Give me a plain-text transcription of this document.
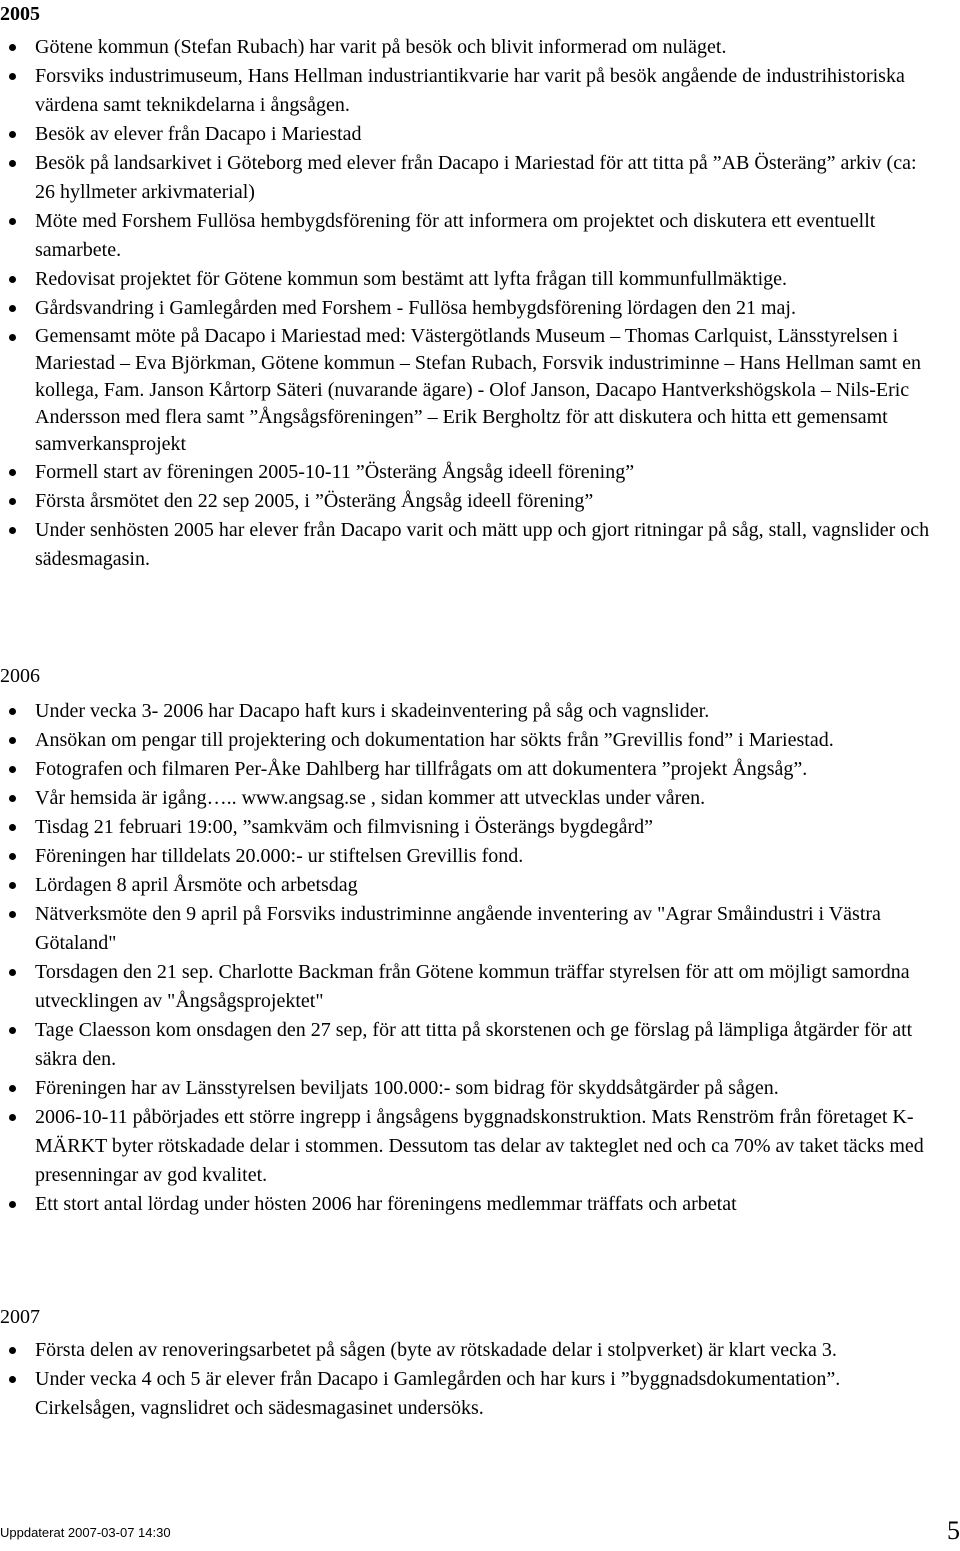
2005
Götene kommun (Stefan Rubach) har varit på besök och blivit informerad om nuläget.
Forsviks industrimuseum, Hans Hellman industriantikvarie har varit på besök angående de industrihistoriska värdena samt teknikdelarna i ångsågen.
Besök av elever från Dacapo i Mariestad
Besök på landsarkivet i Göteborg med elever från Dacapo i Mariestad för att titta på ”AB Österäng” arkiv (ca: 26 hyllmeter arkivmaterial)
Möte med Forshem Fullösa hembygdsförening för att informera om projektet och diskutera ett eventuellt samarbete.
Redovisat projektet för Götene kommun som bestämt att lyfta frågan till kommunfullmäktige.
Gårdsvandring i Gamlegården med Forshem - Fullösa hembygdsförening lördagen den 21 maj.
Gemensamt möte på Dacapo i Mariestad med: Västergötlands Museum – Thomas Carlquist, Länsstyrelsen i Mariestad – Eva Björkman, Götene kommun – Stefan Rubach, Forsvik industriminne – Hans Hellman samt en kollega, Fam. Janson Kårtorp Säteri (nuvarande ägare) - Olof Janson, Dacapo Hantverkshögskola – Nils-Eric Andersson med flera samt ”Ångsågsföreningen” – Erik Bergholtz för att diskutera och hitta ett gemensamt samverkansprojekt
Formell start av föreningen 2005-10-11 ”Österäng Ångsåg ideell förening”
Första årsmötet den 22 sep 2005, i ”Österäng Ångsåg ideell förening”
Under senhösten 2005 har elever från Dacapo varit och mätt upp och gjort ritningar på såg, stall, vagnslider och sädesmagasin.
2006
Under vecka 3- 2006 har Dacapo haft kurs i skadeinventering på såg och vagnslider.
Ansökan om pengar till projektering och dokumentation har sökts från ”Grevillis fond” i Mariestad.
Fotografen och filmaren Per-Åke Dahlberg har tillfrågats om att dokumentera ”projekt Ångsåg”.
Vår hemsida är igång….. www.angsag.se , sidan kommer att utvecklas under våren.
Tisdag 21 februari 19:00, ”samkväm och filmvisning i Österängs bygdegård”
Föreningen har tilldelats 20.000:- ur stiftelsen Grevillis fond.
Lördagen 8 april Årsmöte och arbetsdag
Nätverksmöte den 9 april på Forsviks industriminne angående inventering av "Agrar Småindustri i Västra Götaland"
Torsdagen den 21 sep. Charlotte Backman från Götene kommun träffar styrelsen för att om möjligt samordna utvecklingen av "Ångsågsprojektet"
Tage Claesson kom onsdagen den 27 sep, för att titta på skorstenen och ge förslag på lämpliga åtgärder för att säkra den.
Föreningen har av Länsstyrelsen beviljats 100.000:- som bidrag för skyddsåtgärder på sågen.
2006-10-11 påbörjades ett större ingrepp i ångsågens byggnadskonstruktion. Mats Renström från företaget K-MÄRKT byter rötskadade delar i stommen. Dessutom tas delar av takteglet ned och ca 70% av taket täcks med presenningar av god kvalitet.
Ett stort antal lördag under hösten 2006 har föreningens medlemmar träffats och arbetat
2007
Första delen av renoveringsarbetet på sågen (byte av rötskadade delar i stolpverket) är klart vecka 3.
Under vecka 4 och 5 är elever från Dacapo i Gamlegården och har kurs i ”byggnadsdokumentation”. Cirkelsågen, vagnslidret och sädesmagasinet undersöks.
Uppdaterat 2007-03-07 14:30	5
